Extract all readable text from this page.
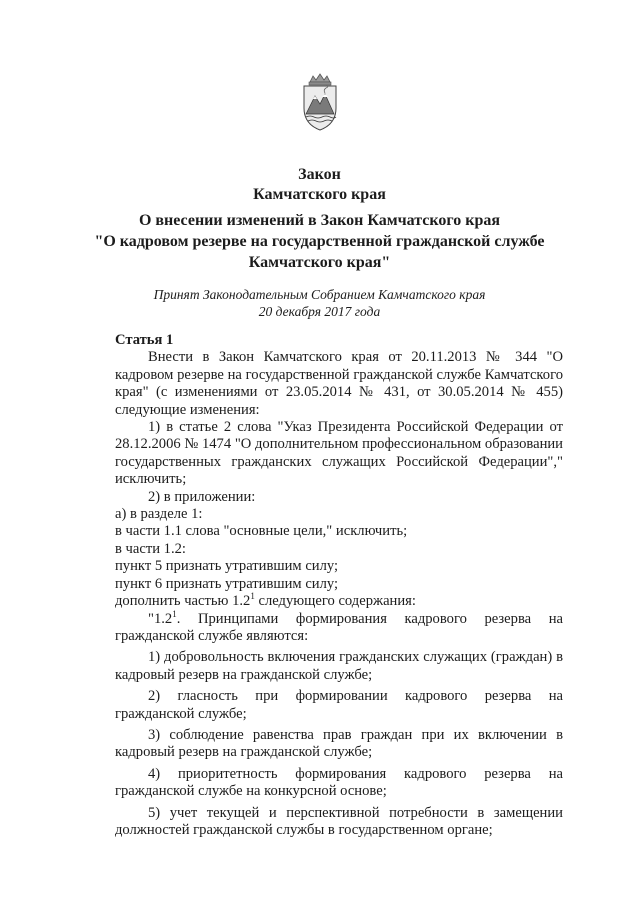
Закон
Камчатского края
О внесении изменений в Закон Камчатского края
"О кадровом резерве на государственной гражданской службе
Камчатского края"
Принят Законодательным Собранием Камчатского края
20 декабря 2017 года

Статья 1

Внести в Закон Камчатского края от 20.11.2013 № 344 "О кадровом резерве на государственной гражданской службе Камчатского края" (с изменениями от 23.05.2014 № 431, от 30.05.2014 № 455) следующие изменения:

1) в статье 2 слова "Указ Президента Российской Федерации от 28.12.2006 № 1474 "О дополнительном профессиональном образовании государственных гражданских служащих Российской Федерации"," исключить;

2) в приложении:

а) в разделе 1:

в части 1.1 слова "основные цели," исключить;

в части 1.2:

пункт 5 признать утратившим силу;

пункт 6 признать утратившим силу;

дополнить частью $1.2^1$ следующего содержания:

"$1.2^1$. Принципами формирования кадрового резерва на гражданской службе являются:

1) добровольность включения гражданских служащих (граждан) в кадровый резерв на гражданской службе;

2) гласность при формировании кадрового резерва на гражданской службе;

3) соблюдение равенства прав граждан при их включении в кадровый резерв на гражданской службе;

4) приоритетность формирования кадрового резерва на гражданской службе на конкурсной основе;

5) учет текущей и перспективной потребности в замещении должностей гражданской службы в государственном органе;
